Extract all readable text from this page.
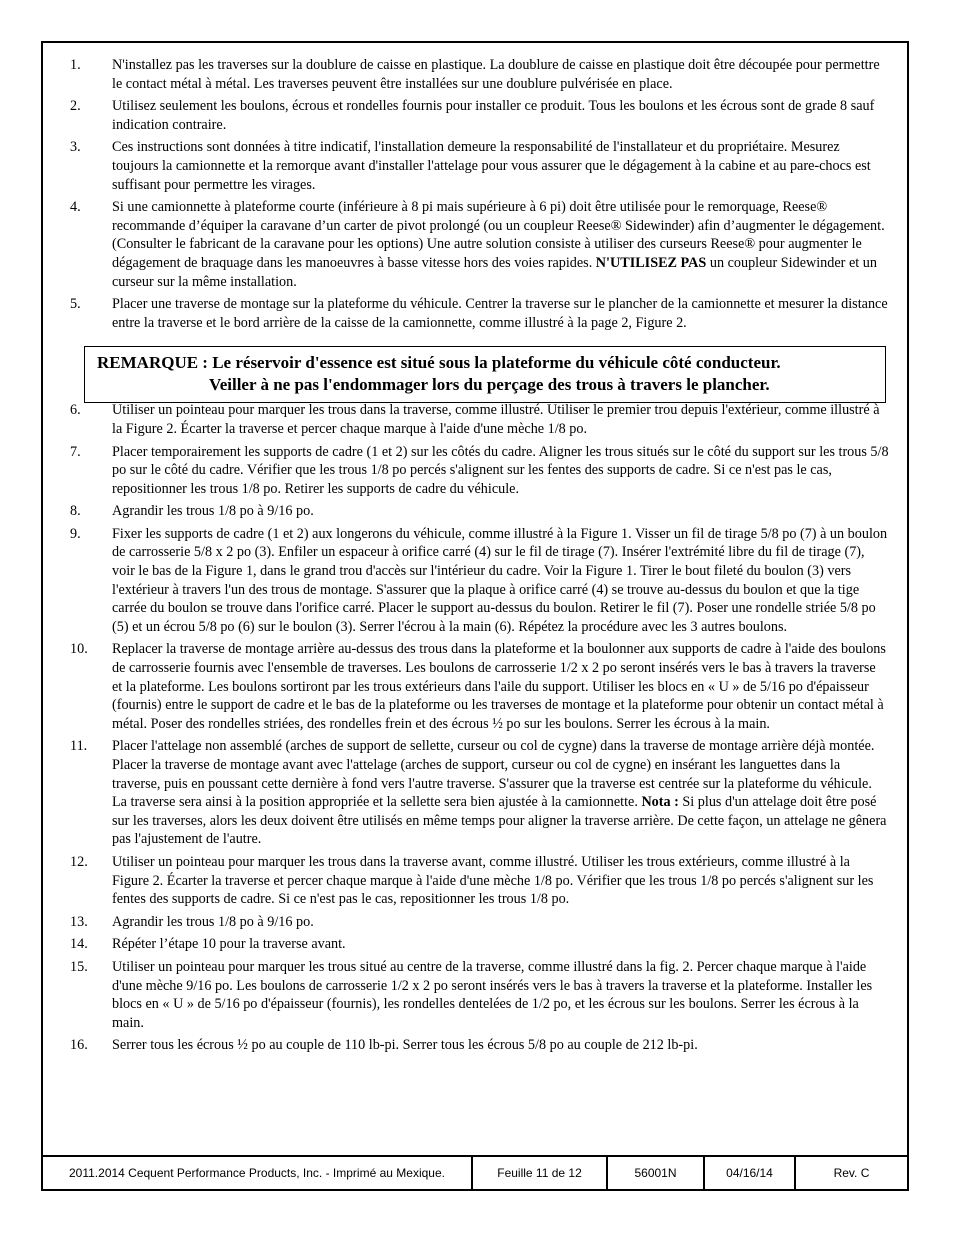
1. N'installez pas les traverses sur la doublure de caisse en plastique. La doublure de caisse en plastique doit être découpée pour permettre le contact métal à métal. Les traverses peuvent être installées sur une doublure pulvérisée en place.

2. Utilisez seulement les boulons, écrous et rondelles fournis pour installer ce produit. Tous les boulons et les écrous sont de grade 8 sauf indication contraire.

3. Ces instructions sont données à titre indicatif, l'installation demeure la responsabilité de l'installateur et du propriétaire. Mesurez toujours la camionnette et la remorque avant d'installer l'attelage pour vous assurer que le dégagement à la cabine et au pare-chocs est suffisant pour permettre les virages.

4. Si une camionnette à plateforme courte (inférieure à 8 pi mais supérieure à 6 pi) doit être utilisée pour le remorquage, Reese® recommande d’équiper la caravane d’un carter de pivot prolongé (ou un coupleur Reese® Sidewinder) afin d’augmenter le dégagement. (Consulter le fabricant de la caravane pour les options) Une autre solution consiste à utiliser des curseurs Reese® pour augmenter le dégagement de braquage dans les manoeuvres à basse vitesse hors des voies rapides. N'UTILISEZ PAS un coupleur Sidewinder et un curseur sur la même installation.

5. Placer une traverse de montage sur la plateforme du véhicule. Centrer la traverse sur le plancher de la camionnette et mesurer la distance entre la traverse et le bord arrière de la caisse de la camionnette, comme illustré à la page 2, Figure 2.

6. Utiliser un pointeau pour marquer les trous dans la traverse, comme illustré. Utiliser le premier trou depuis l'extérieur, comme illustré à la Figure 2. Écarter la traverse et percer chaque marque à l'aide d'une mèche 1/8 po.

7. Placer temporairement les supports de cadre (1 et 2) sur les côtés du cadre. Aligner les trous situés sur le côté du support sur les trous 5/8 po sur le côté du cadre. Vérifier que les trous 1/8 po percés s'alignent sur les fentes des supports de cadre. Si ce n'est pas le cas, repositionner les trous 1/8 po. Retirer les supports de cadre du véhicule.

8. Agrandir les trous 1/8 po à 9/16 po.

9. Fixer les supports de cadre (1 et 2) aux longerons du véhicule, comme illustré à la Figure 1. Visser un fil de tirage 5/8 po (7) à un boulon de carrosserie 5/8 x 2 po (3). Enfiler un espaceur à orifice carré (4) sur le fil de tirage (7). Insérer l'extrémité libre du fil de tirage (7), voir le bas de la Figure 1, dans le grand trou d'accès sur l'intérieur du cadre. Voir la Figure 1. Tirer le bout fileté du boulon (3) vers l'extérieur à travers l'un des trous de montage. S'assurer que la plaque à orifice carré (4) se trouve au-dessus du boulon et que la tige carrée du boulon se trouve dans l'orifice carré. Placer le support au-dessus du boulon. Retirer le fil (7). Poser une rondelle striée 5/8 po (5) et un écrou 5/8 po (6) sur le boulon (3). Serrer l'écrou à la main (6). Répétez la procédure avec les 3 autres boulons.

10. Replacer la traverse de montage arrière au-dessus des trous dans la plateforme et la boulonner aux supports de cadre à l'aide des boulons de carrosserie fournis avec l'ensemble de traverses. Les boulons de carrosserie 1/2 x 2 po seront insérés vers le bas à travers la traverse et la plateforme. Les boulons sortiront par les trous extérieurs dans l'aile du support. Utiliser les blocs en « U » de 5/16 po d'épaisseur (fournis) entre le support de cadre et le bas de la plateforme ou les traverses de montage et la plateforme pour obtenir un contact métal à métal. Poser des rondelles striées, des rondelles frein et des écrous ½ po sur les boulons. Serrer les écrous à la main.

11. Placer l'attelage non assemblé (arches de support de sellette, curseur ou col de cygne) dans la traverse de montage arrière déjà montée. Placer la traverse de montage avant avec l'attelage (arches de support, curseur ou col de cygne) en insérant les languettes dans la traverse, puis en poussant cette dernière à fond vers l'autre traverse. S'assurer que la traverse est centrée sur la plateforme du véhicule. La traverse sera ainsi à la position appropriée et la sellette sera bien ajustée à la camionnette. Nota : Si plus d'un attelage doit être posé sur les traverses, alors les deux doivent être utilisés en même temps pour aligner la traverse arrière. De cette façon, un attelage ne gênera pas l'ajustement de l'autre.

12. Utiliser un pointeau pour marquer les trous dans la traverse avant, comme illustré. Utiliser les trous extérieurs, comme illustré à la Figure 2. Écarter la traverse et percer chaque marque à l'aide d'une mèche 1/8 po. Vérifier que les trous 1/8 po percés s'alignent sur les fentes des supports de cadre. Si ce n'est pas le cas, repositionner les trous 1/8 po.

13. Agrandir les trous 1/8 po à 9/16 po.

14. Répéter l’étape 10 pour la traverse avant.

15. Utiliser un pointeau pour marquer les trous situé au centre de la traverse, comme illustré dans la fig. 2. Percer chaque marque à l'aide d'une mèche 9/16 po. Les boulons de carrosserie 1/2 x 2 po seront insérés vers le bas à travers la traverse et la plateforme. Installer les blocs en « U » de 5/16 po d'épaisseur (fournis), les rondelles dentelées de 1/2 po, et les écrous sur les boulons. Serrer les écrous à la main.

16. Serrer tous les écrous ½ po au couple de 110 lb-pi. Serrer tous les écrous 5/8 po au couple de 212 lb-pi.

REMARQUE : Le réservoir d'essence est situé sous la plateforme du véhicule côté conducteur.
Veiller à ne pas l'endommager lors du perçage des trous à travers le plancher.
2011.2014 Cequent Performance Products, Inc. - Imprimé au Mexique.	Feuille 11 de 12	56001N	04/16/14	Rev. C
